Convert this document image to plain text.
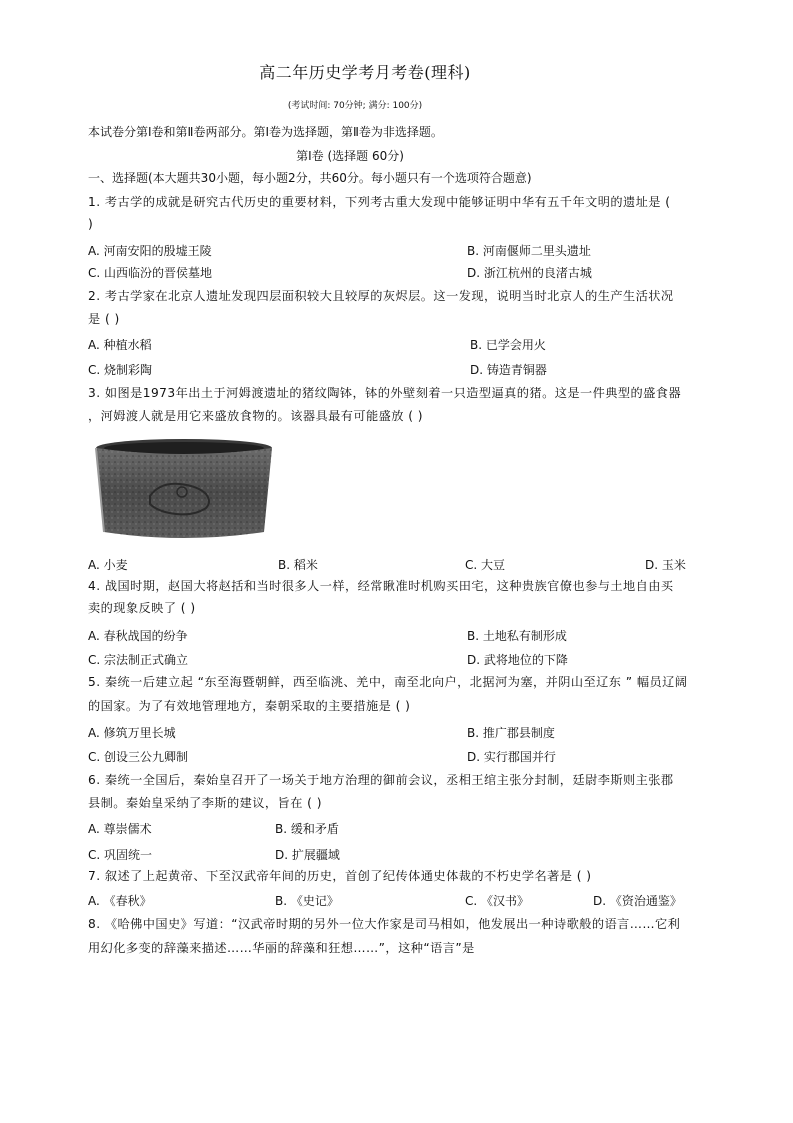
高二年历史学考月考卷(理科)
(考试时间: 70分钟; 满分: 100分)
本试卷分第Ⅰ卷和第Ⅱ卷两部分。第Ⅰ卷为选择题，第Ⅱ卷为非选择题。
第Ⅰ卷 (选择题 60分)
一、选择题(本大题共30小题，每小题2分，共60分。每小题只有一个选项符合题意)
1. 考古学的成就是研究古代历史的重要材料，下列考古重大发现中能够证明中华有五千年文明的遗址是 (
)
A. 河南安阳的殷墟王陵	B. 河南偃师二里头遗址
C. 山西临汾的晋侯墓地	D. 浙江杭州的良渚古城
2. 考古学家在北京人遗址发现四层面积较大且较厚的灰烬层。这一发现，说明当时北京人的生产生活状况
是 ( )
A. 种植水稻	B. 已学会用火
C. 烧制彩陶	D. 铸造青铜器
3. 如图是1973年出土于河姆渡遗址的猪纹陶钵，钵的外壁刻着一只造型逼真的猪。这是一件典型的盛食器
，河姆渡人就是用它来盛放食物的。该器具最有可能盛放 ( )
A. 小麦	B. 稻米	C. 大豆	D. 玉米
4. 战国时期，赵国大将赵括和当时很多人一样，经常瞅准时机购买田宅，这种贵族官僚也参与土地自由买
卖的现象反映了 ( )
A. 春秋战国的纷争	B. 土地私有制形成
C. 宗法制正式确立	D. 武将地位的下降
5. 秦统一后建立起 “东至海暨朝鲜，西至临洮、羌中，南至北向户，北据河为塞，并阴山至辽东 ” 幅员辽阔
的国家。为了有效地管理地方，秦朝采取的主要措施是 ( )
A. 修筑万里长城	B. 推广郡县制度
C. 创设三公九卿制	D. 实行郡国并行
6. 秦统一全国后，秦始皇召开了一场关于地方治理的御前会议，丞相王绾主张分封制，廷尉李斯则主张郡
县制。秦始皇采纳了李斯的建议，旨在 ( )
A. 尊崇儒术	B. 缓和矛盾
C. 巩固统一	D. 扩展疆域
7. 叙述了上起黄帝、下至汉武帝年间的历史，首创了纪传体通史体裁的不朽史学名著是 ( )
A. 《春秋》	B. 《史记》	C. 《汉书》	D. 《资治通鉴》
8. 《哈佛中国史》写道：“汉武帝时期的另外一位大作家是司马相如，他发展出一种诗歌般的语言……它利
用幻化多变的辞藻来描述……华丽的辞藻和狂想……”，这种“语言”是
